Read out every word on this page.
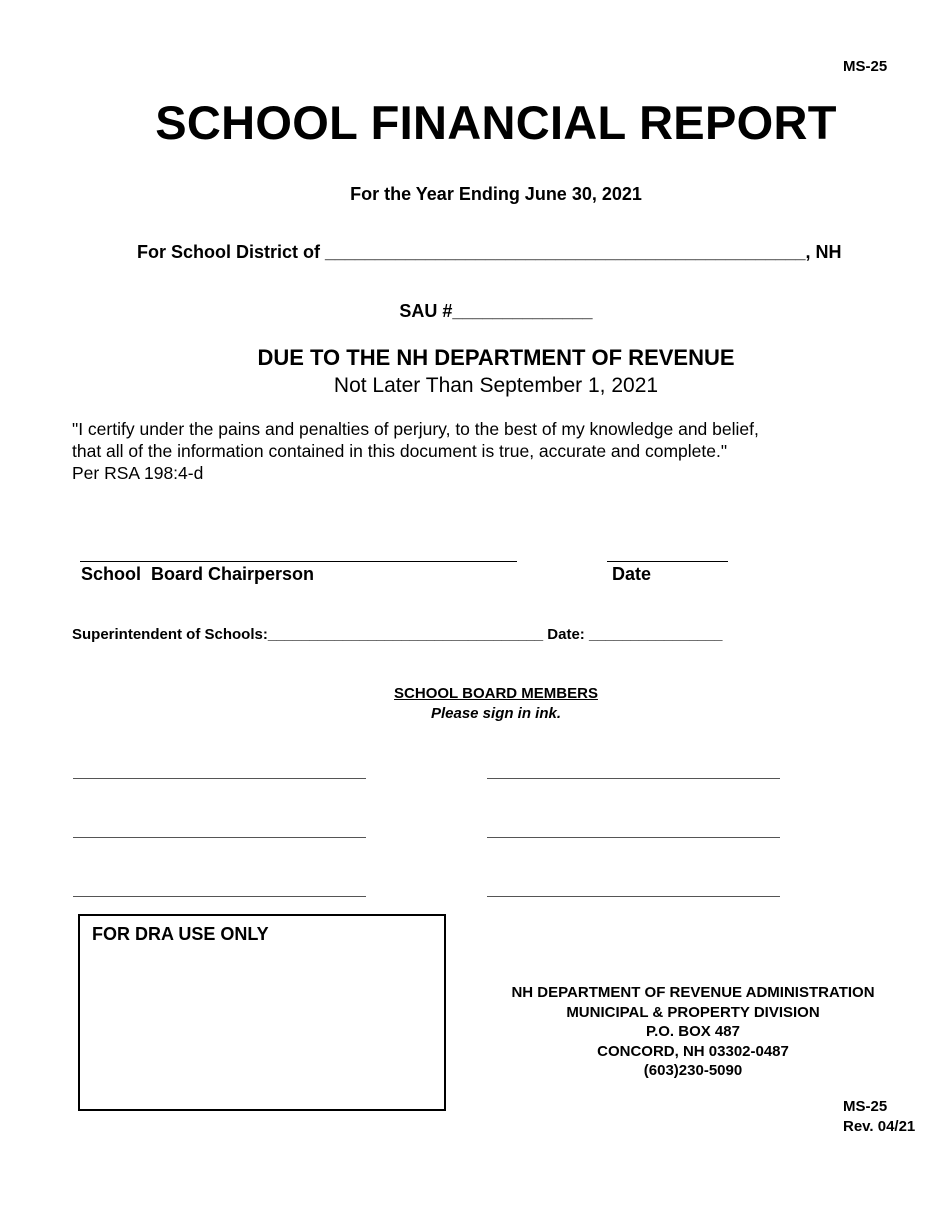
MS-25
SCHOOL FINANCIAL REPORT
For the Year Ending June 30, 2021
For School District of ________________________________________________, NH
SAU #______________
DUE TO THE NH DEPARTMENT OF REVENUE
Not Later Than September 1, 2021
"I certify under the pains and penalties of perjury, to the best of my knowledge and belief,
that all of the information contained in this document is true, accurate and complete."
Per RSA 198:4-d
School  Board Chairperson	Date
Superintendent of Schools:_________________________________ Date: ________________
SCHOOL BOARD MEMBERS
Please sign in ink.
FOR DRA USE ONLY
NH DEPARTMENT OF REVENUE ADMINISTRATION
MUNICIPAL & PROPERTY DIVISION
P.O. BOX 487
CONCORD, NH 03302-0487
(603)230-5090
MS-25
Rev. 04/21
